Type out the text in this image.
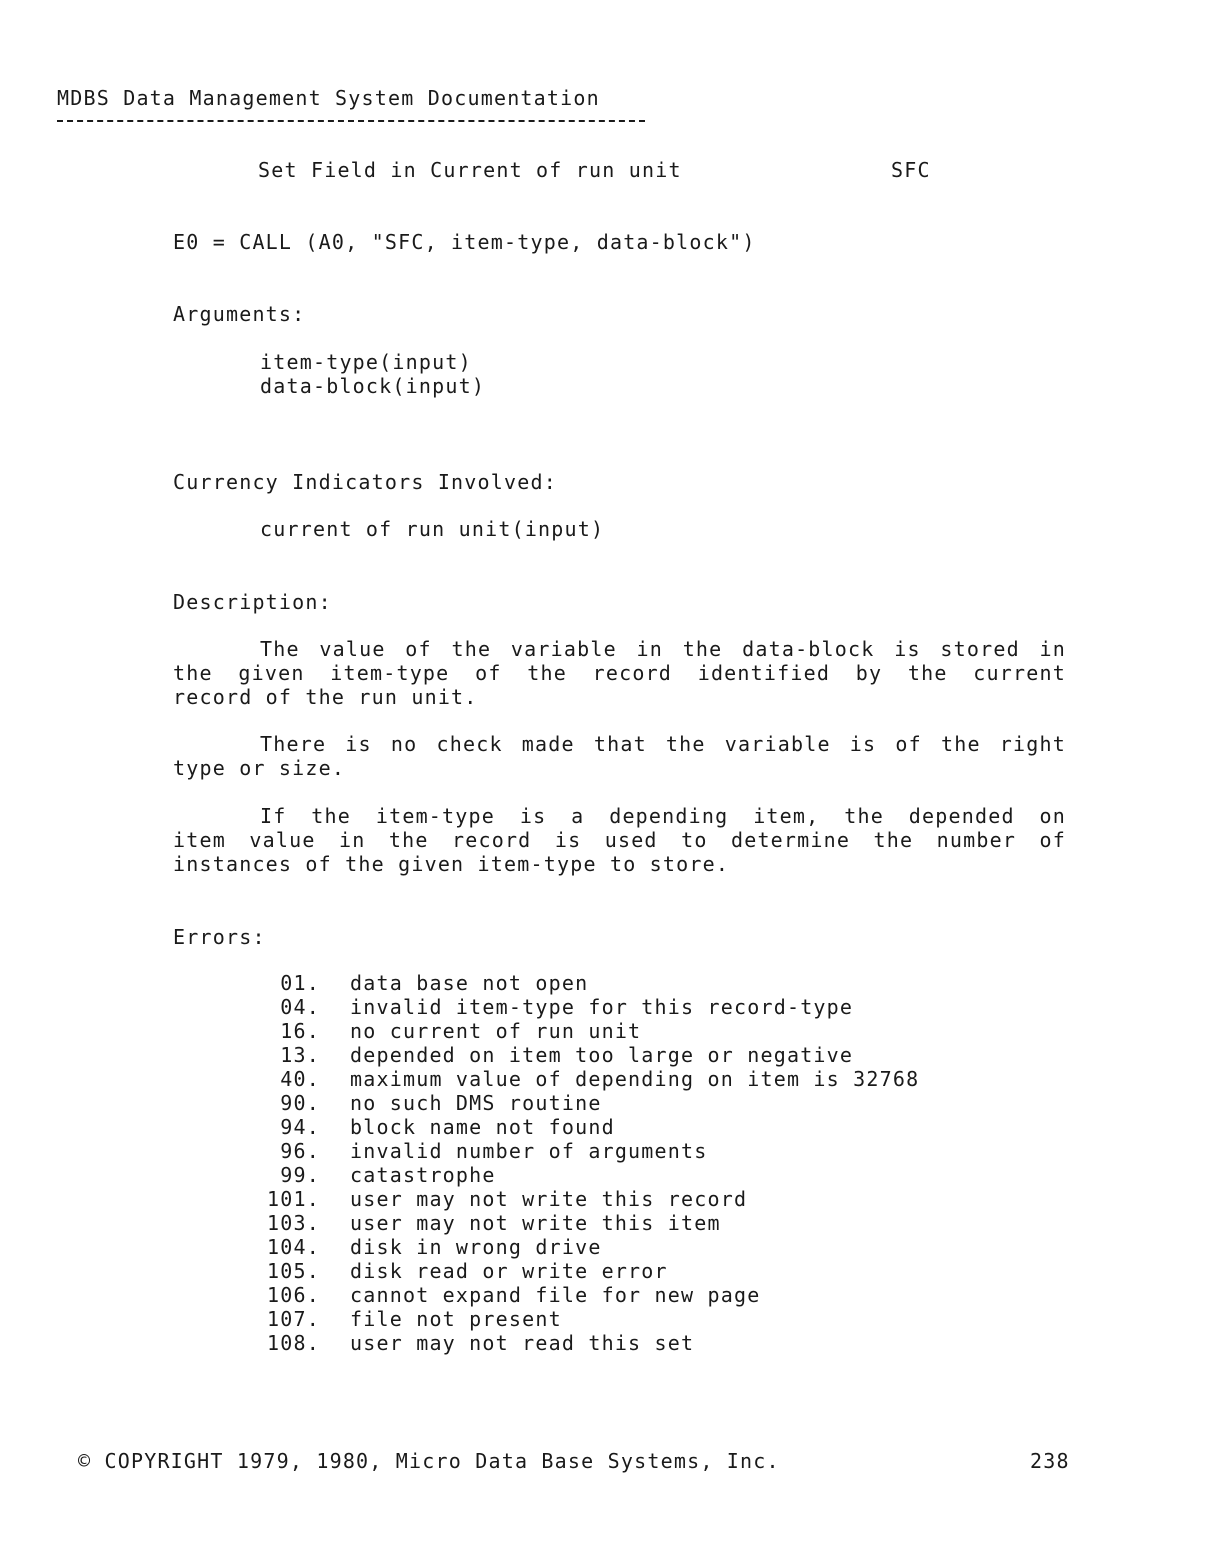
MDBS Data Management System Documentation
Set Field in Current of run unit	SFC
E0 = CALL (A0, "SFC, item-type, data-block")
Arguments:
item-type(input)
data-block(input)
Currency Indicators Involved:
current of run unit(input)
Description:
The value of the variable in the data-block is stored in
the given item-type of the record identified by the current
record of the run unit.
There is no check made that the variable is of the right
type or size.
If the item-type is a depending item, the depended on
item value in the record is used to determine the number of
instances of the given item-type to store.
Errors:
01. data base not open
04. invalid item-type for this record-type
16. no current of run unit
13. depended on item too large or negative
40. maximum value of depending on item is 32768
90. no such DMS routine
94. block name not found
96. invalid number of arguments
99. catastrophe
101. user may not write this record
103. user may not write this item
104. disk in wrong drive
105. disk read or write error
106. cannot expand file for new page
107. file not present
108. user may not read this set
© COPYRIGHT 1979, 1980, Micro Data Base Systems, Inc.	238
